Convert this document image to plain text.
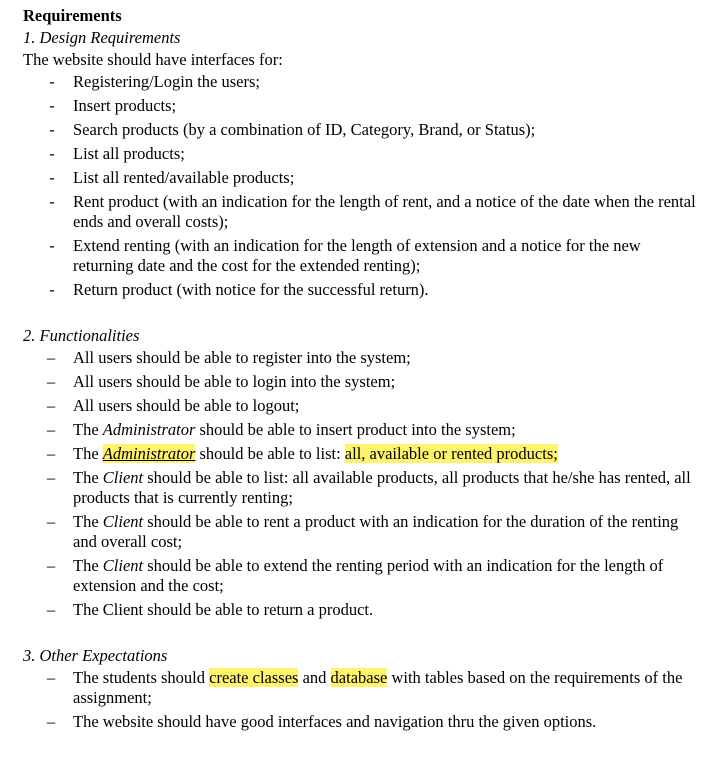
Requirements

1. Design Requirements

The website should have interfaces for:

- Registering/Login the users;
- Insert products;
- Search products (by a combination of ID, Category, Brand, or Status);
- List all products;
- List all rented/available products;
- Rent product (with an indication for the length of rent, and a notice of the date when the rental ends and overall costs);
- Extend renting (with an indication for the length of extension and a notice for the new returning date and the cost for the extended renting);
- Return product (with notice for the successful return).

2. Functionalities

– All users should be able to register into the system;
– All users should be able to login into the system;
– All users should be able to logout;
– The Administrator should be able to insert product into the system;
– The Administrator should be able to list: all, available or rented products;
– The Client should be able to list: all available products, all products that he/she has rented, all products that is currently renting;
– The Client should be able to rent a product with an indication for the duration of the renting and overall cost;
– The Client should be able to extend the renting period with an indication for the length of extension and the cost;
– The Client should be able to return a product.

3. Other Expectations

– The students should create classes and database with tables based on the requirements of the assignment;
– The website should have good interfaces and navigation thru the given options.
